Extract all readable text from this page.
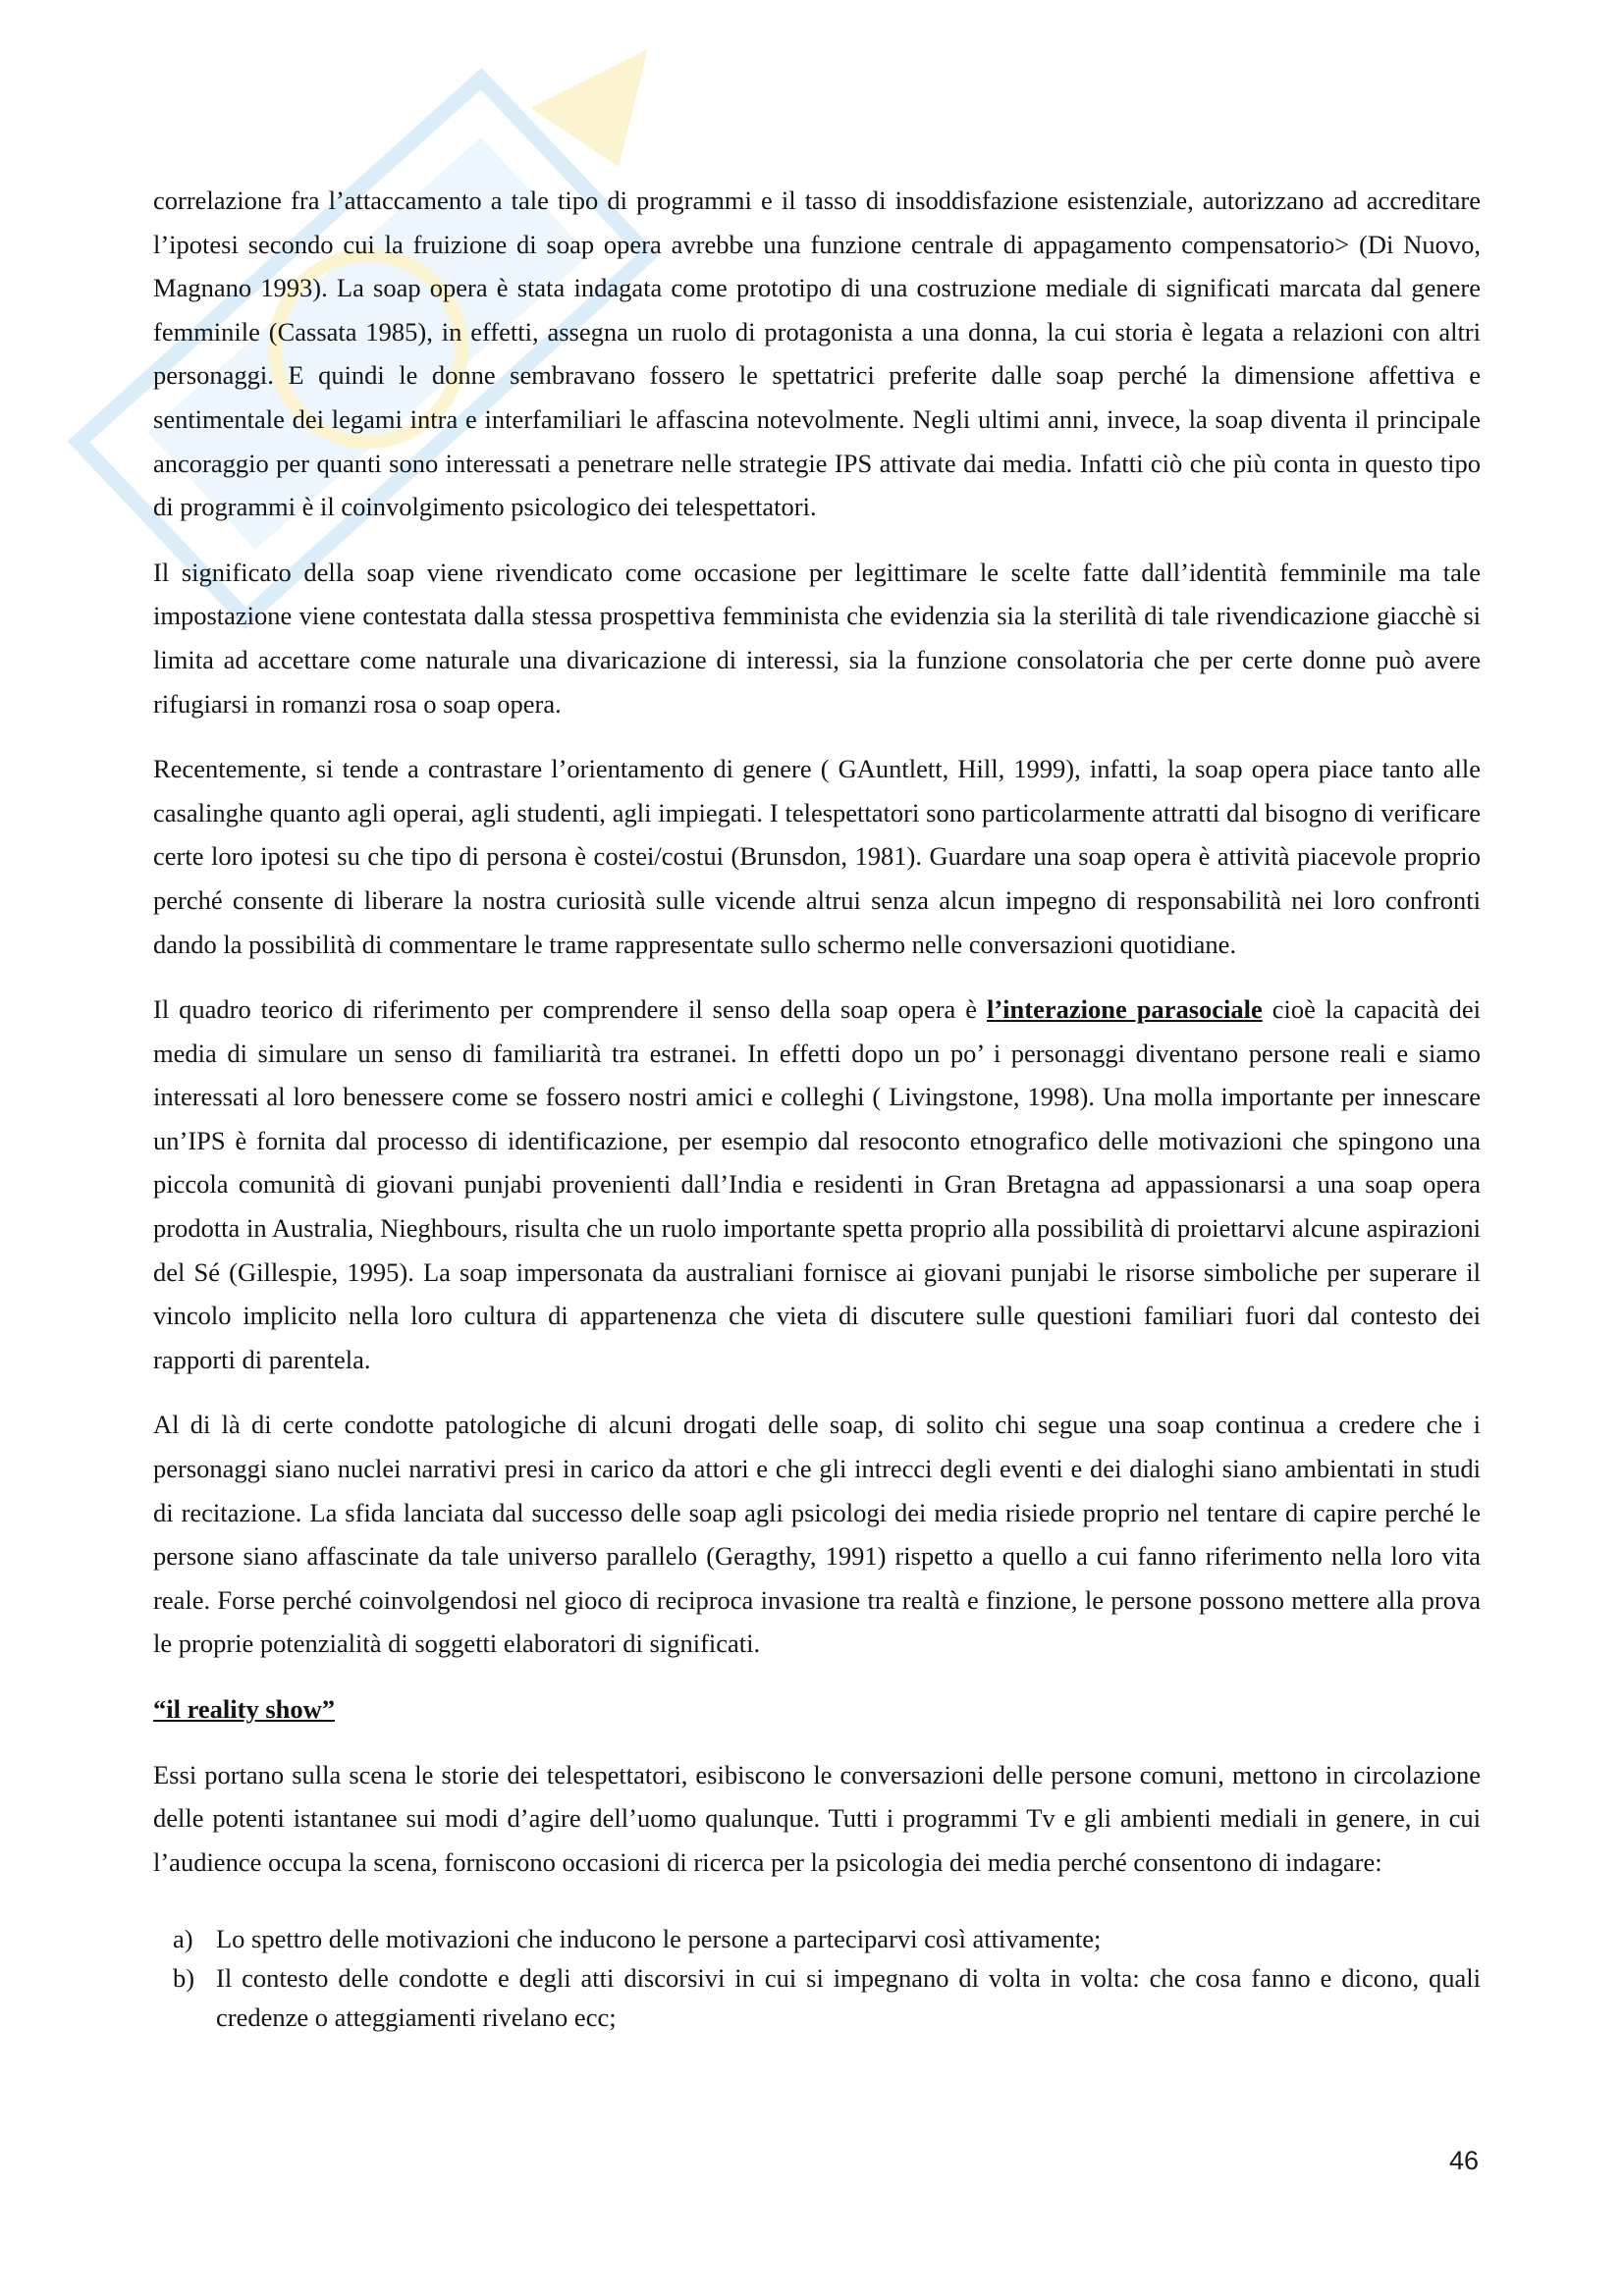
correlazione fra l’attaccamento a tale tipo di programmi e il tasso di insoddisfazione esistenziale, autorizzano ad accreditare l’ipotesi secondo cui la fruizione di soap opera avrebbe una funzione centrale di appagamento compensatorio> (Di Nuovo, Magnano 1993). La soap opera è stata indagata come prototipo di una costruzione mediale di significati marcata dal genere femminile (Cassata 1985), in effetti, assegna un ruolo di protagonista a una donna, la cui storia è legata a relazioni con altri personaggi. E quindi le donne sembravano fossero le spettatrici preferite dalle soap perché la dimensione affettiva e sentimentale dei legami intra e interfamiliari le affascina notevolmente. Negli ultimi anni, invece, la soap diventa il principale ancoraggio per quanti sono interessati a penetrare nelle strategie IPS attivate dai media. Infatti ciò che più conta in questo tipo di programmi è il coinvolgimento psicologico dei telespettatori.

Il significato della soap viene rivendicato come occasione per legittimare le scelte fatte dall’identità femminile ma tale impostazione viene contestata dalla stessa prospettiva femminista che evidenzia sia la sterilità di tale rivendicazione giacchè si limita ad accettare come naturale una divaricazione di interessi, sia la funzione consolatoria che per certe donne può avere rifugiarsi in romanzi rosa o soap opera.

Recentemente, si tende a contrastare l’orientamento di genere ( GAuntlett, Hill, 1999), infatti, la soap opera piace tanto alle casalinghe quanto agli operai, agli studenti, agli impiegati. I telespettatori sono particolarmente attratti dal bisogno di verificare certe loro ipotesi su che tipo di persona è costei/costui (Brunsdon, 1981). Guardare una soap opera è attività piacevole proprio perché consente di liberare la nostra curiosità sulle vicende altrui senza alcun impegno di responsabilità nei loro confronti dando la possibilità di commentare le trame rappresentate sullo schermo nelle conversazioni quotidiane.

Il quadro teorico di riferimento per comprendere il senso della soap opera è l’interazione parasociale cioè la capacità dei media di simulare un senso di familiarità tra estranei. In effetti dopo un po’ i personaggi diventano persone reali e siamo interessati al loro benessere come se fossero nostri amici e colleghi ( Livingstone, 1998). Una molla importante per innescare un’IPS è fornita dal processo di identificazione, per esempio dal resoconto etnografico delle motivazioni che spingono una piccola comunità di giovani punjabi provenienti dall’India e residenti in Gran Bretagna ad appassionarsi a una soap opera prodotta in Australia, Nieghbours, risulta che un ruolo importante spetta proprio alla possibilità di proiettarvi alcune aspirazioni del Sé (Gillespie, 1995). La soap impersonata da australiani fornisce ai giovani punjabi le risorse simboliche per superare il vincolo implicito nella loro cultura di appartenenza che vieta di discutere sulle questioni familiari fuori dal contesto dei rapporti di parentela.

Al di là di certe condotte patologiche di alcuni drogati delle soap, di solito chi segue una soap continua a credere che i personaggi siano nuclei narrativi presi in carico da attori e che gli intrecci degli eventi e dei dialoghi siano ambientati in studi di recitazione. La sfida lanciata dal successo delle soap agli psicologi dei media risiede proprio nel tentare di capire perché le persone siano affascinate da tale universo parallelo (Geragthy, 1991) rispetto a quello a cui fanno riferimento nella loro vita reale. Forse perché coinvolgendosi nel gioco di reciproca invasione tra realtà e finzione, le persone possono mettere alla prova le proprie potenzialità di soggetti elaboratori di significati.

“il reality show”

Essi portano sulla scena le storie dei telespettatori, esibiscono le conversazioni delle persone comuni, mettono in circolazione delle potenti istantanee sui modi d’agire dell’uomo qualunque. Tutti i programmi Tv e gli ambienti mediali in genere, in cui l’audience occupa la scena, forniscono occasioni di ricerca per la psicologia dei media perché consentono di indagare:

a) Lo spettro delle motivazioni che inducono le persone a parteciparvi così attivamente;
b) Il contesto delle condotte e degli atti discorsivi in cui si impegnano di volta in volta: che cosa fanno e dicono, quali credenze o atteggiamenti rivelano ecc;
46
